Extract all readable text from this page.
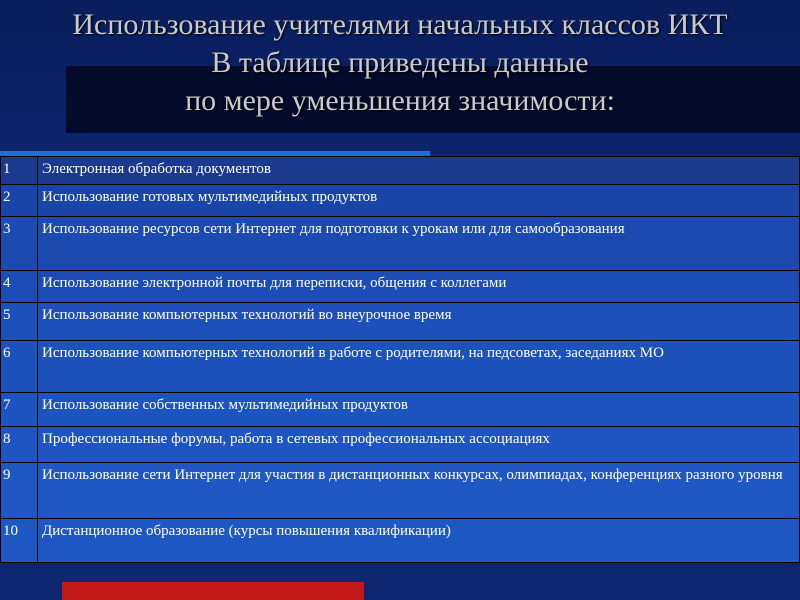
Использование учителями начальных классов ИКТ
В таблице приведены данные
по мере уменьшения значимости:
1	Электронная обработка документов
2	Использование готовых мультимедийных продуктов
3	Использование ресурсов сети Интернет для подготовки к урокам или для самообразования
4	Использование электронной почты для переписки, общения с коллегами
5	Использование компьютерных технологий во внеурочное время
6	Использование компьютерных технологий в работе с родителями, на педсоветах, заседаниях МО
7	Использование собственных мультимедийных продуктов
8	Профессиональные форумы, работа в сетевых профессиональных ассоциациях
9	Использование сети Интернет для участия в дистанционных конкурсах, олимпиадах, конференциях разного уровня
10	Дистанционное образование (курсы повышения квалификации)
